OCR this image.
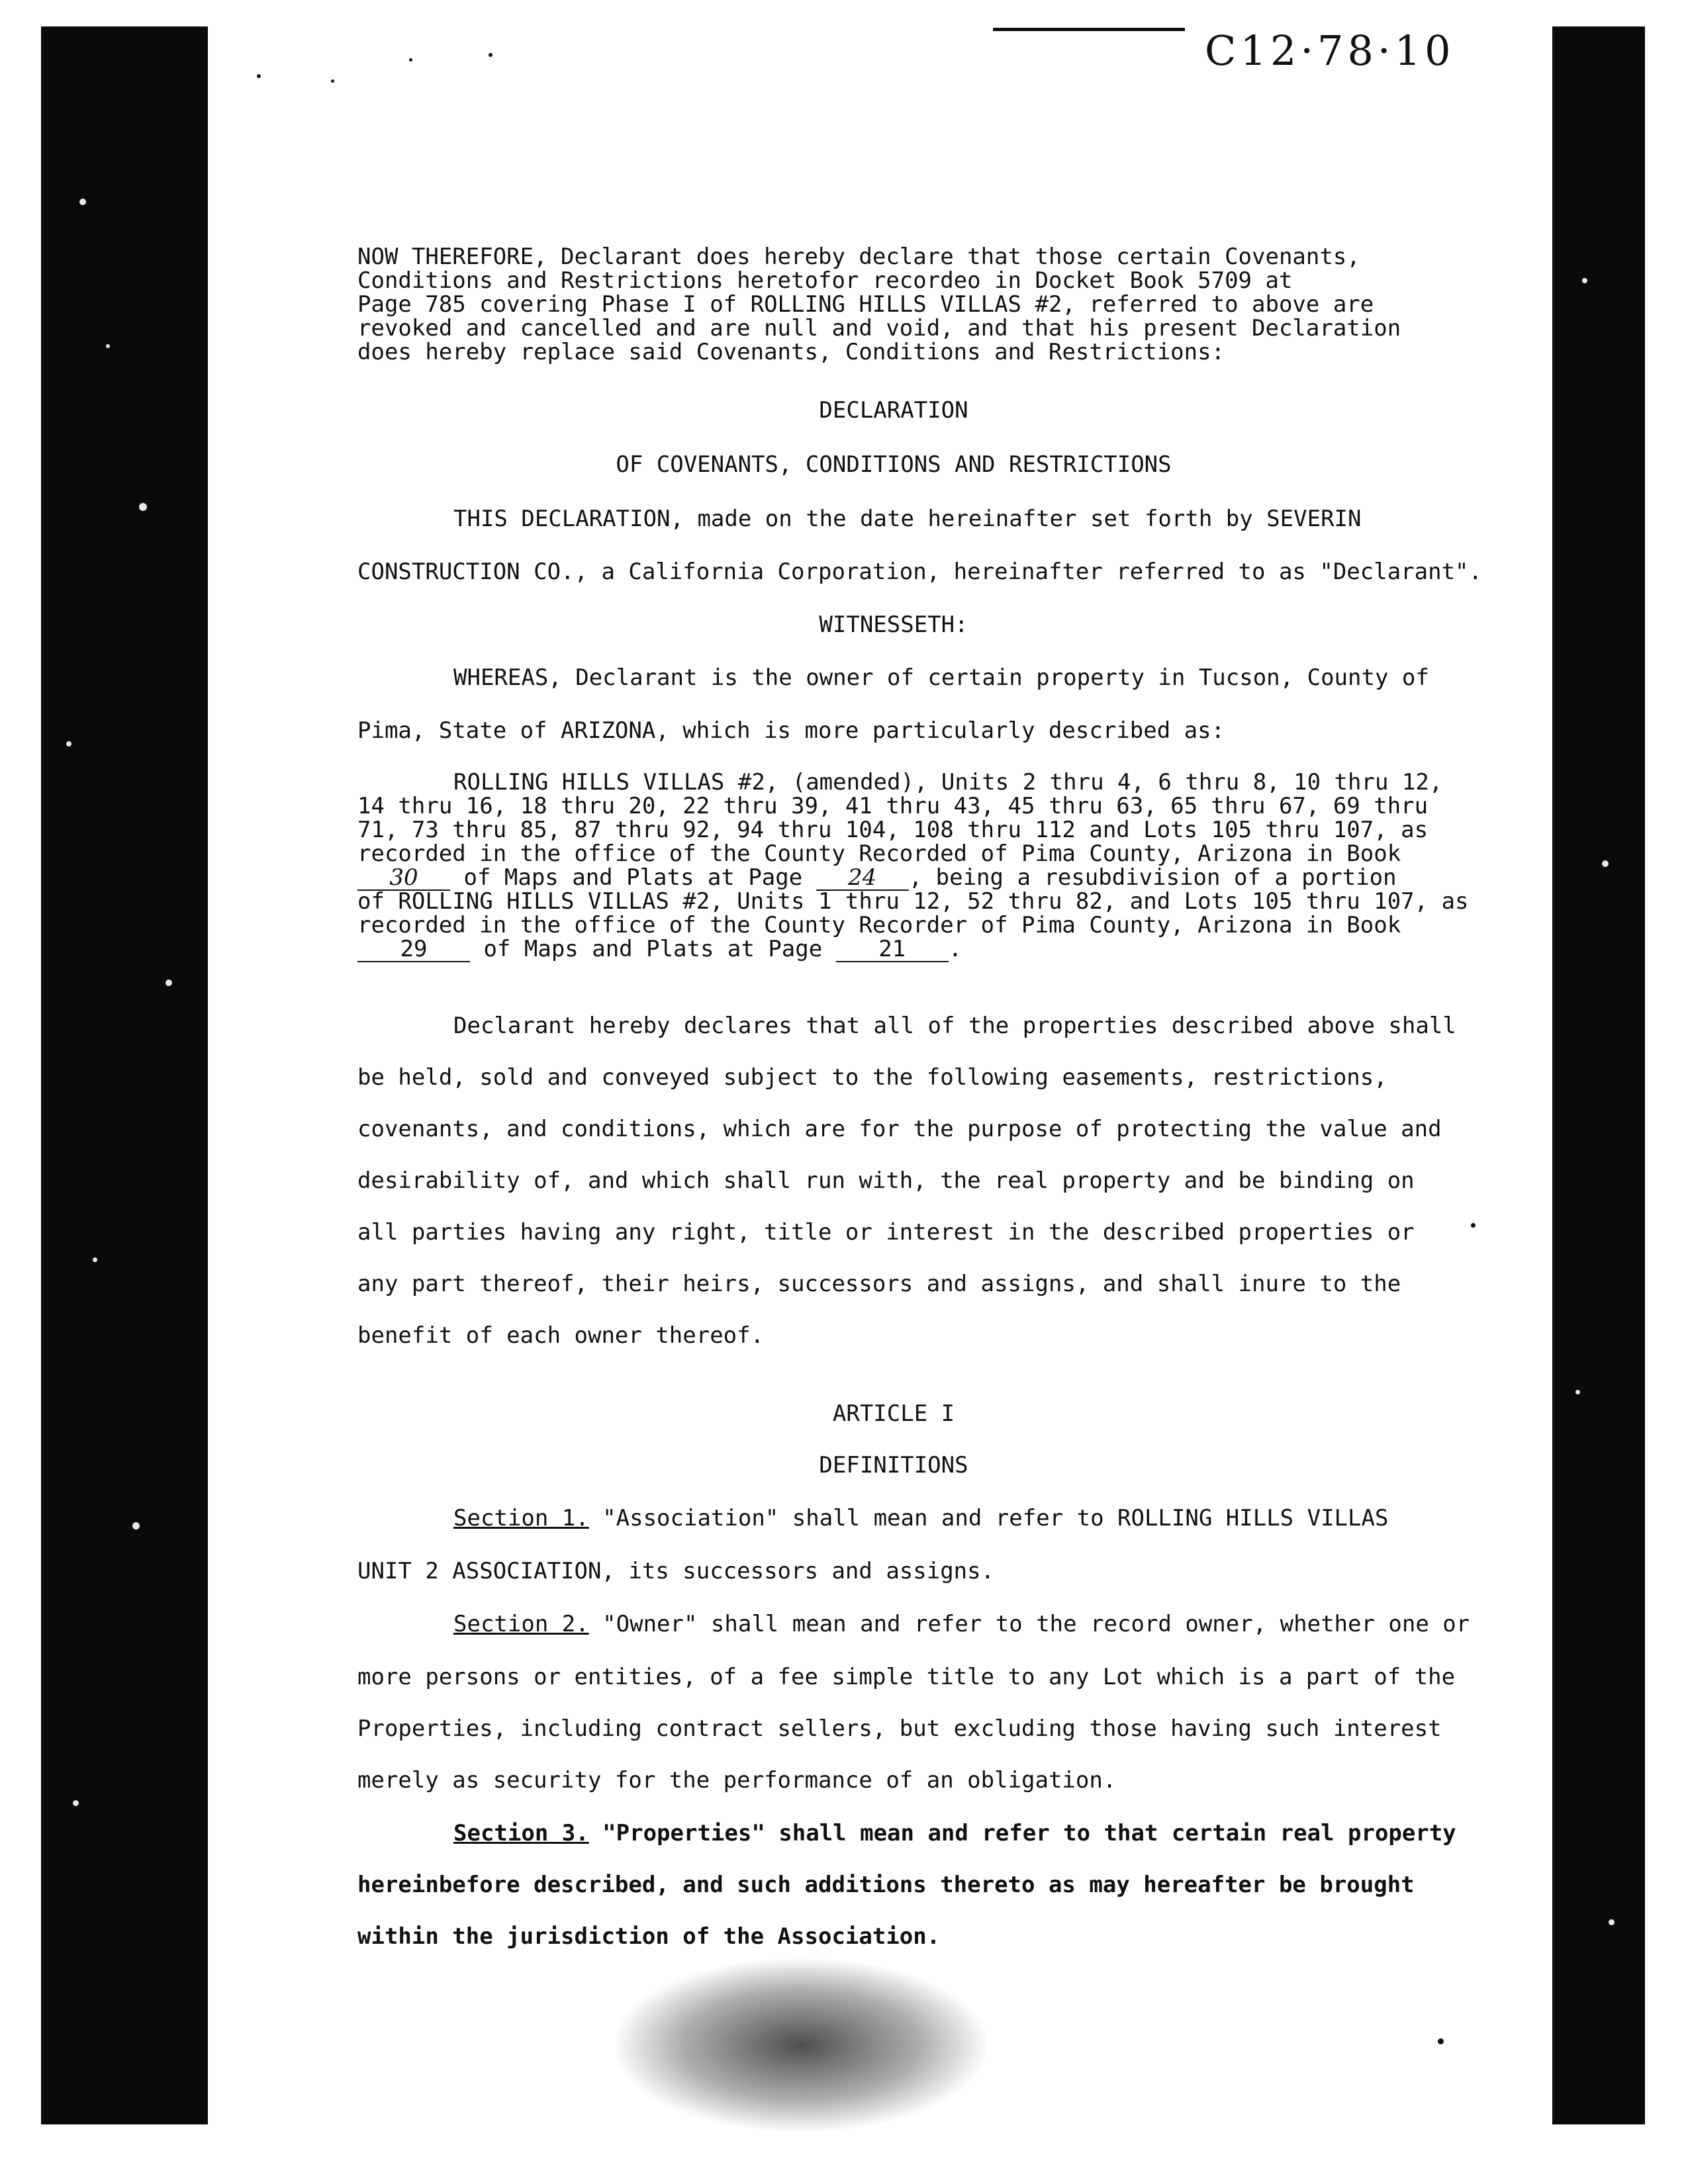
C12·78·10
NOW THEREFORE, Declarant does hereby declare that those certain Covenants,
Conditions and Restrictions heretofor recordeo in Docket Book 5709 at
Page 785 covering Phase I of ROLLING HILLS VILLAS #2, referred to above are
revoked and cancelled and are null and void, and that his present Declaration
does hereby replace said Covenants, Conditions and Restrictions:
DECLARATION
OF COVENANTS, CONDITIONS AND RESTRICTIONS
THIS DECLARATION, made on the date hereinafter set forth by SEVERIN
CONSTRUCTION CO., a California Corporation, hereinafter referred to as "Declarant".
WITNESSETH:
WHEREAS, Declarant is the owner of certain property in Tucson, County of
Pima, State of ARIZONA, which is more particularly described as:
ROLLING HILLS VILLAS #2, (amended), Units 2 thru 4, 6 thru 8, 10 thru 12,
14 thru 16, 18 thru 20, 22 thru 39, 41 thru 43, 45 thru 63, 65 thru 67, 69 thru
71, 73 thru 85, 87 thru 92, 94 thru 104, 108 thru 112 and Lots 105 thru 107, as
recorded in the office of the County Recorded of Pima County, Arizona in Book
30 of Maps and Plats at Page 24 , being a resubdivision of a portion
of ROLLING HILLS VILLAS #2, Units 1 thru 12, 52 thru 82, and Lots 105 thru 107, as
recorded in the office of the County Recorder of Pima County, Arizona in Book
29 of Maps and Plats at Page 21 .
Declarant hereby declares that all of the properties described above shall
be held, sold and conveyed subject to the following easements, restrictions,
covenants, and conditions, which are for the purpose of protecting the value and
desirability of, and which shall run with, the real property and be binding on
all parties having any right, title or interest in the described properties or
any part thereof, their heirs, successors and assigns, and shall inure to the
benefit of each owner thereof.
ARTICLE I
DEFINITIONS
Section 1. "Association" shall mean and refer to ROLLING HILLS VILLAS
UNIT 2 ASSOCIATION, its successors and assigns.
Section 2. "Owner" shall mean and refer to the record owner, whether one or
more persons or entities, of a fee simple title to any Lot which is a part of the
Properties, including contract sellers, but excluding those having such interest
merely as security for the performance of an obligation.
Section 3. "Properties" shall mean and refer to that certain real property
hereinbefore described, and such additions thereto as may hereafter be brought
within the jurisdiction of the Association.
